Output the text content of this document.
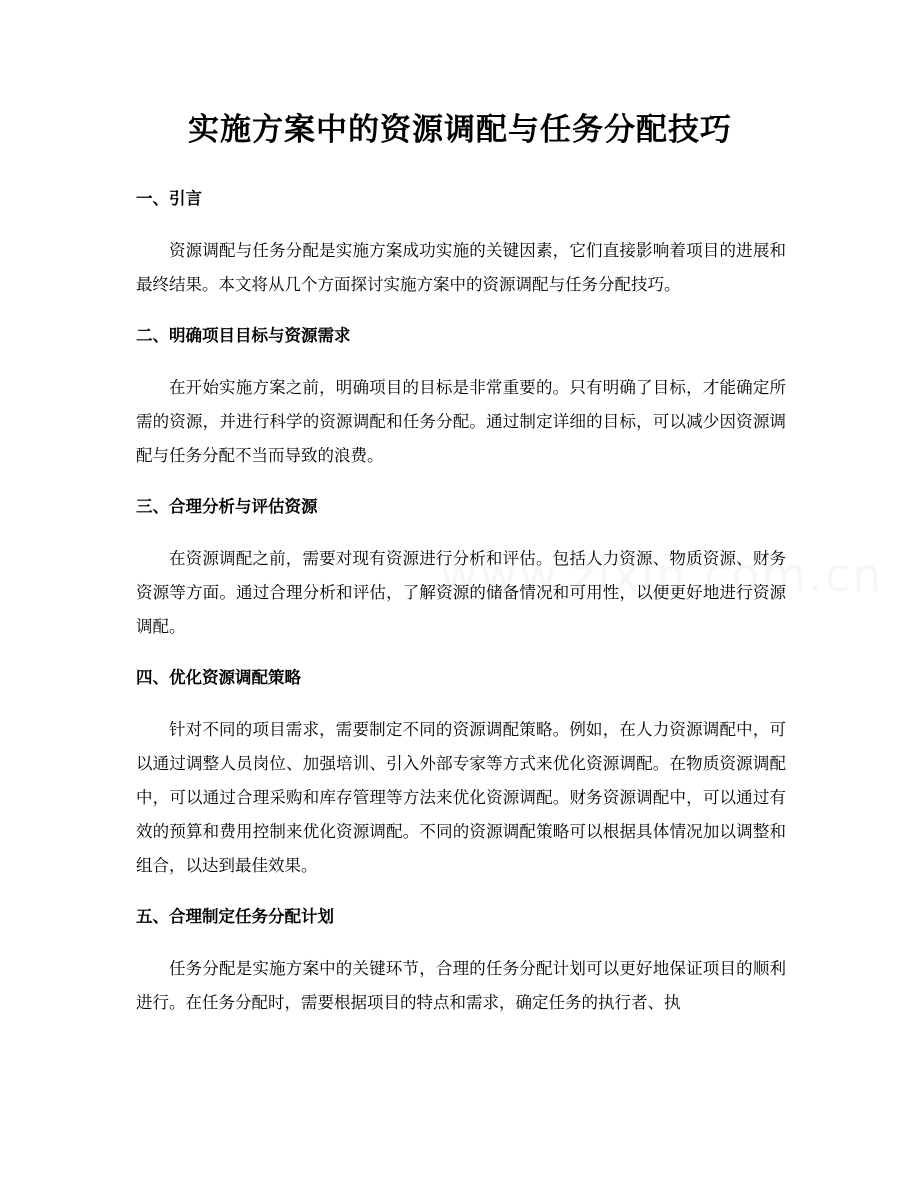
实施方案中的资源调配与任务分配技巧
一、引言

资源调配与任务分配是实施方案成功实施的关键因素，它们直接影响着项目的进展和最终结果。本文将从几个方面探讨实施方案中的资源调配与任务分配技巧。

二、明确项目目标与资源需求

在开始实施方案之前，明确项目的目标是非常重要的。只有明确了目标，才能确定所需的资源，并进行科学的资源调配和任务分配。通过制定详细的目标，可以减少因资源调配与任务分配不当而导致的浪费。

三、合理分析与评估资源

在资源调配之前，需要对现有资源进行分析和评估。包括人力资源、物质资源、财务资源等方面。通过合理分析和评估，了解资源的储备情况和可用性，以便更好地进行资源调配。

四、优化资源调配策略

针对不同的项目需求，需要制定不同的资源调配策略。例如，在人力资源调配中，可以通过调整人员岗位、加强培训、引入外部专家等方式来优化资源调配。在物质资源调配中，可以通过合理采购和库存管理等方法来优化资源调配。财务资源调配中，可以通过有效的预算和费用控制来优化资源调配。不同的资源调配策略可以根据具体情况加以调整和组合，以达到最佳效果。

五、合理制定任务分配计划

任务分配是实施方案中的关键环节，合理的任务分配计划可以更好地保证项目的顺利进行。在任务分配时，需要根据项目的特点和需求，确定任务的执行者、执
